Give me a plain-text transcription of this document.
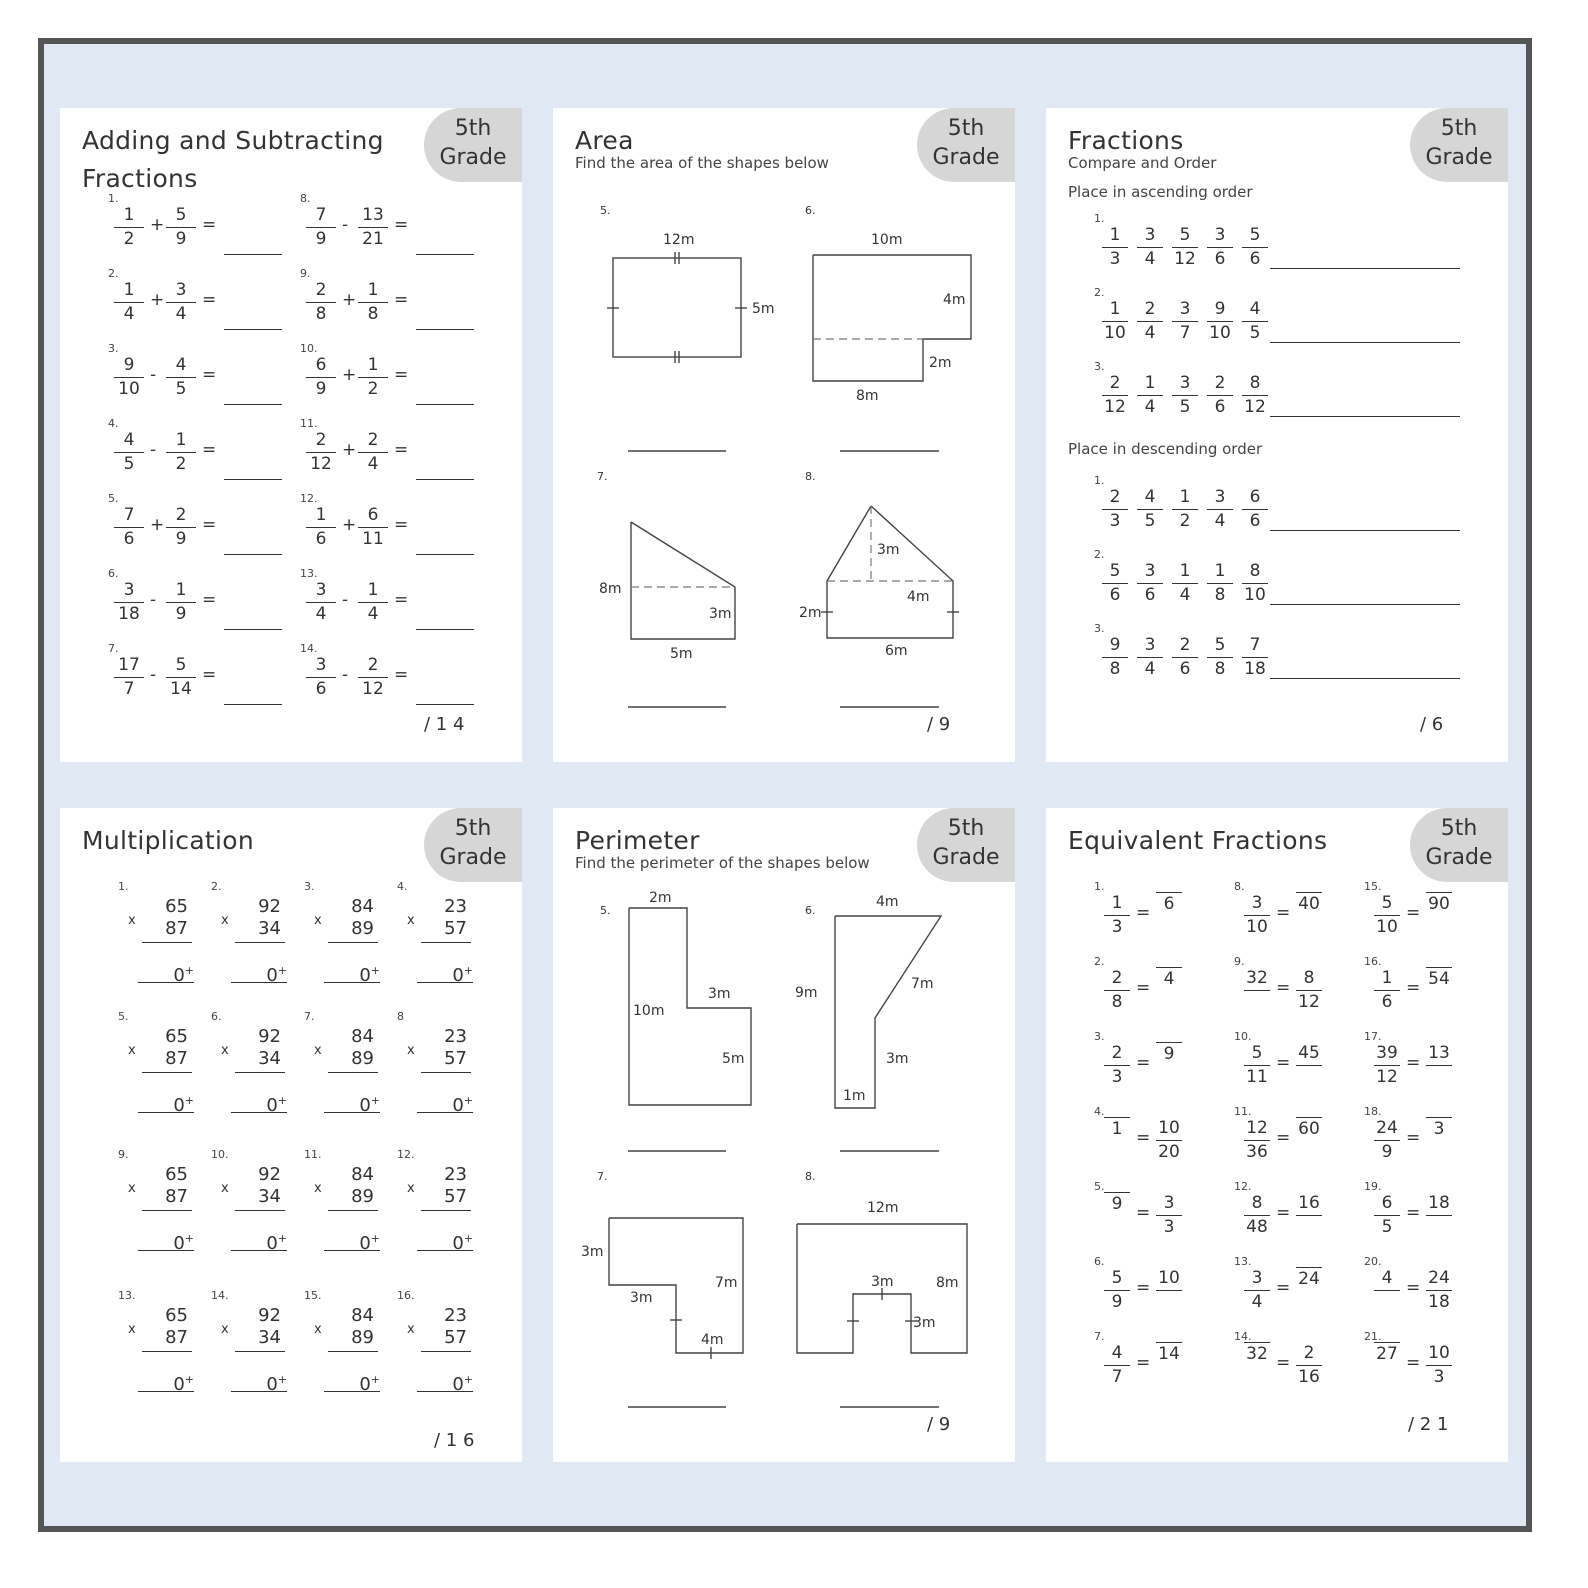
Adding and Subtracting
Fractions
5th
Grade
1.
$\frac{1}{2} + \frac{5}{9}$ =
2.
$\frac{1}{4} + \frac{3}{4}$ =
3.
$\frac{9}{10} - \frac{4}{5}$ =
4.
$\frac{4}{5} - \frac{1}{2}$ =
5.
$\frac{7}{6} + \frac{2}{9}$ =
6.
$\frac{3}{18} - \frac{1}{9}$ =
7.
$\frac{17}{7} - \frac{5}{14}$ =
8.
$\frac{7}{9} - \frac{13}{21}$ =
9.
$\frac{2}{8} + \frac{1}{8}$ =
10.
$\frac{6}{9} + \frac{1}{2}$ =
11.
$\frac{2}{12} + \frac{2}{4}$ =
12.
$\frac{1}{6} + \frac{6}{11}$ =
13.
$\frac{3}{4} - \frac{1}{4}$ =
14.
$\frac{3}{6} - \frac{2}{12}$ =
/ 1 4
Area
Find the area of the shapes below
5th
Grade
5.	6.
7.	8.
12m
5m
10m
4m
2m
8m
8m
3m
5m
3m
4m
2m
6m
/ 9
Fractions
Compare and Order
Place in ascending order
Place in descending order
5th
Grade
1.
$\frac{1}{3} \frac{3}{4} \frac{5}{12} \frac{3}{6} \frac{5}{6}$
2.
$\frac{1}{10} \frac{2}{4} \frac{3}{7} \frac{9}{10} \frac{4}{5}$
3.
$\frac{2}{12} \frac{1}{4} \frac{3}{5} \frac{2}{6} \frac{8}{12}$
1.
$\frac{2}{3} \frac{4}{5} \frac{1}{2} \frac{3}{4} \frac{6}{6}$
2.
$\frac{5}{6} \frac{3}{6} \frac{1}{4} \frac{1}{8} \frac{8}{10}$
3.
$\frac{9}{8} \frac{3}{4} \frac{2}{6} \frac{5}{8} \frac{7}{18}$
/ 6
Multiplication	5th
Grade
1.
x
65
87
0+
2.
x
92
34
0+
3.
x
84
89
0+
4.
x
23
57
0+
5.
x
65
87
0+
6.
x
92
34
0+
7.
x
84
89
0+
8
x
23
57
0+
9.
x
65
87
0+
10.
x
92
34
0+
11.
x
84
89
0+
12.
x
23
57
0+
13.
x
65
87
0+
14.
x
92
34
0+
15.
x
84
89
0+
16.
x
23
57
0+
/ 1 6
Perimeter
Find the perimeter of the shapes below
5th
Grade
5.	6.
7.	8.
2m
10m
3m
5m
4m
9m
7m
3m
1m
3m
3m
7m
4m
12m
8m
3m
3m
/ 9
Equivalent Fractions	5th
Grade
1.
$\frac{1}{3} = 6$
2.
$\frac{2}{8} = 4$
3.
$\frac{2}{3} = 9$
4.
$1 = \frac{10}{20}$
5.
$9 = \frac{3}{3}$
6.
$\frac{5}{9} = 10$
7.
$\frac{4}{7} = 14$
8.
$\frac{3}{10} = 40$
9.
$32 = \frac{8}{12}$
10.
$\frac{5}{11} = 45$
11.
$\frac{12}{36} = 60$
12.
$\frac{8}{48} = 16$
13.
$\frac{3}{4} = 24$
14.
$32 = \frac{2}{16}$
15.
$\frac{5}{10} = 90$
16.
$\frac{1}{6} = 54$
17.
$\frac{39}{12} = 13$
18.
$\frac{24}{9} = 3$
19.
$\frac{6}{5} = 18$
20.
$4 = \frac{24}{18}$
21.
$27 = \frac{10}{3}$
/ 2 1
